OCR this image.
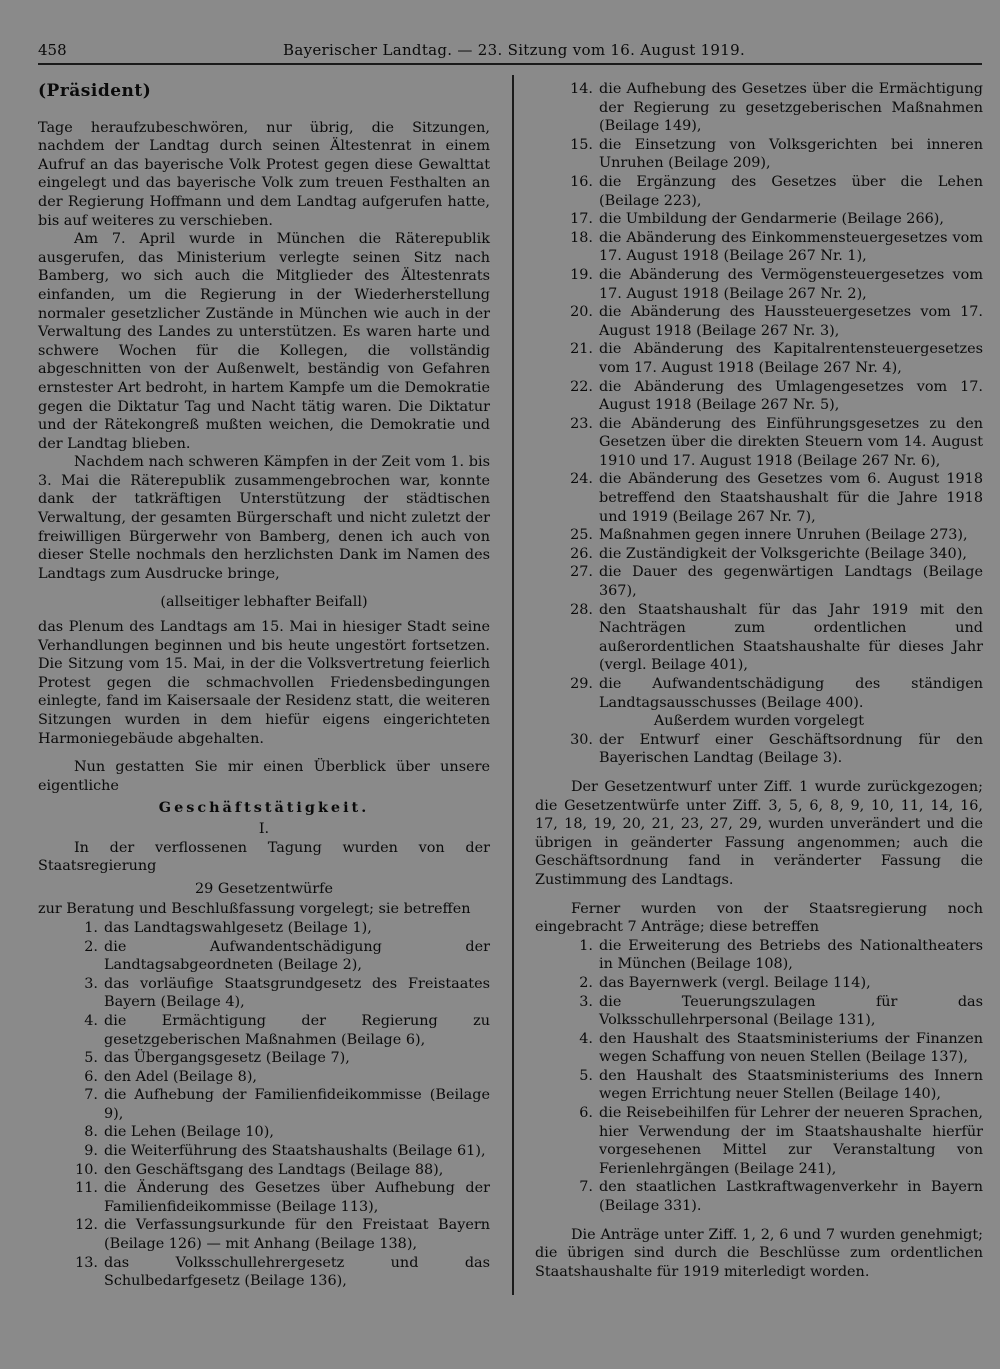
458	Bayerischer Landtag. — 23. Sitzung vom 16. August 1919.

(Präsident)

Tage heraufzubeschwören, nur übrig, die Sitzungen, nachdem der Landtag durch seinen Ältestenrat in einem Aufruf an das bayerische Volk Protest gegen diese Gewalttat eingelegt und das bayerische Volk zum treuen Festhalten an der Regierung Hoffmann und dem Landtag aufgerufen hatte, bis auf weiteres zu verschieben.

Am 7. April wurde in München die Räterepublik ausgerufen, das Ministerium verlegte seinen Sitz nach Bamberg, wo sich auch die Mitglieder des Ältestenrats einfanden, um die Regierung in der Wiederherstellung normaler gesetzlicher Zustände in München wie auch in der Verwaltung des Landes zu unterstützen. Es waren harte und schwere Wochen für die Kollegen, die vollständig abgeschnitten von der Außenwelt, beständig von Gefahren ernstester Art bedroht, in hartem Kampfe um die Demokratie gegen die Diktatur Tag und Nacht tätig waren. Die Diktatur und der Rätekongreß mußten weichen, die Demokratie und der Landtag blieben.

Nachdem nach schweren Kämpfen in der Zeit vom 1. bis 3. Mai die Räterepublik zusammengebrochen war, konnte dank der tatkräftigen Unterstützung der städtischen Verwaltung, der gesamten Bürgerschaft und nicht zuletzt der freiwilligen Bürgerwehr von Bamberg, denen ich auch von dieser Stelle nochmals den herzlichsten Dank im Namen des Landtags zum Ausdrucke bringe,

(allseitiger lebhafter Beifall)

das Plenum des Landtags am 15. Mai in hiesiger Stadt seine Verhandlungen beginnen und bis heute ungestört fortsetzen. Die Sitzung vom 15. Mai, in der die Volksvertretung feierlich Protest gegen die schmachvollen Friedensbedingungen einlegte, fand im Kaisersaale der Residenz statt, die weiteren Sitzungen wurden in dem hiefür eigens eingerichteten Harmoniegebäude abgehalten.

Nun gestatten Sie mir einen Überblick über unsere eigentliche

Geschäftstätigkeit.

I.

In der verflossenen Tagung wurden von der Staatsregierung

29 Gesetzentwürfe

zur Beratung und Beschlußfassung vorgelegt; sie betreffen

1. das Landtagswahlgesetz (Beilage 1),
2. die Aufwandentschädigung der Landtagsabgeordneten (Beilage 2),
3. das vorläufige Staatsgrundgesetz des Freistaates Bayern (Beilage 4),
4. die Ermächtigung der Regierung zu gesetzgeberischen Maßnahmen (Beilage 6),
5. das Übergangsgesetz (Beilage 7),
6. den Adel (Beilage 8),
7. die Aufhebung der Familienfideikommisse (Beilage 9),
8. die Lehen (Beilage 10),
9. die Weiterführung des Staatshaushalts (Beilage 61),
10. den Geschäftsgang des Landtags (Beilage 88),
11. die Änderung des Gesetzes über Aufhebung der Familienfideikommisse (Beilage 113),
12. die Verfassungsurkunde für den Freistaat Bayern (Beilage 126) — mit Anhang (Beilage 138),
13. das Volksschullehrergesetz und das Schulbedarfgesetz (Beilage 136),
14. die Aufhebung des Gesetzes über die Ermächtigung der Regierung zu gesetzgeberischen Maßnahmen (Beilage 149),
15. die Einsetzung von Volksgerichten bei inneren Unruhen (Beilage 209),
16. die Ergänzung des Gesetzes über die Lehen (Beilage 223),
17. die Umbildung der Gendarmerie (Beilage 266),
18. die Abänderung des Einkommensteuergesetzes vom 17. August 1918 (Beilage 267 Nr. 1),
19. die Abänderung des Vermögensteuergesetzes vom 17. August 1918 (Beilage 267 Nr. 2),
20. die Abänderung des Haussteuergesetzes vom 17. August 1918 (Beilage 267 Nr. 3),
21. die Abänderung des Kapitalrentensteuergesetzes vom 17. August 1918 (Beilage 267 Nr. 4),
22. die Abänderung des Umlagengesetzes vom 17. August 1918 (Beilage 267 Nr. 5),
23. die Abänderung des Einführungsgesetzes zu den Gesetzen über die direkten Steuern vom 14. August 1910 und 17. August 1918 (Beilage 267 Nr. 6),
24. die Abänderung des Gesetzes vom 6. August 1918 betreffend den Staatshaushalt für die Jahre 1918 und 1919 (Beilage 267 Nr. 7),
25. Maßnahmen gegen innere Unruhen (Beilage 273),
26. die Zuständigkeit der Volksgerichte (Beilage 340),
27. die Dauer des gegenwärtigen Landtags (Beilage 367),
28. den Staatshaushalt für das Jahr 1919 mit den Nachträgen zum ordentlichen und außerordentlichen Staatshaushalte für dieses Jahr (vergl. Beilage 401),
29. die Aufwandentschädigung des ständigen Landtagsausschusses (Beilage 400).

Außerdem wurden vorgelegt

30. der Entwurf einer Geschäftsordnung für den Bayerischen Landtag (Beilage 3).

Der Gesetzentwurf unter Ziff. 1 wurde zurückgezogen; die Gesetzentwürfe unter Ziff. 3, 5, 6, 8, 9, 10, 11, 14, 16, 17, 18, 19, 20, 21, 23, 27, 29, wurden unverändert und die übrigen in geänderter Fassung angenommen; auch die Geschäftsordnung fand in veränderter Fassung die Zustimmung des Landtags.

Ferner wurden von der Staatsregierung noch eingebracht 7 Anträge; diese betreffen

1. die Erweiterung des Betriebs des Nationaltheaters in München (Beilage 108),
2. das Bayernwerk (vergl. Beilage 114),
3. die Teuerungszulagen für das Volksschullehrpersonal (Beilage 131),
4. den Haushalt des Staatsministeriums der Finanzen wegen Schaffung von neuen Stellen (Beilage 137),
5. den Haushalt des Staatsministeriums des Innern wegen Errichtung neuer Stellen (Beilage 140),
6. die Reisebeihilfen für Lehrer der neueren Sprachen, hier Verwendung der im Staatshaushalte hierfür vorgesehenen Mittel zur Veranstaltung von Ferienlehrgängen (Beilage 241),
7. den staatlichen Lastkraftwagenverkehr in Bayern (Beilage 331).

Die Anträge unter Ziff. 1, 2, 6 und 7 wurden genehmigt; die übrigen sind durch die Beschlüsse zum ordentlichen Staatshaushalte für 1919 miterledigt worden.
